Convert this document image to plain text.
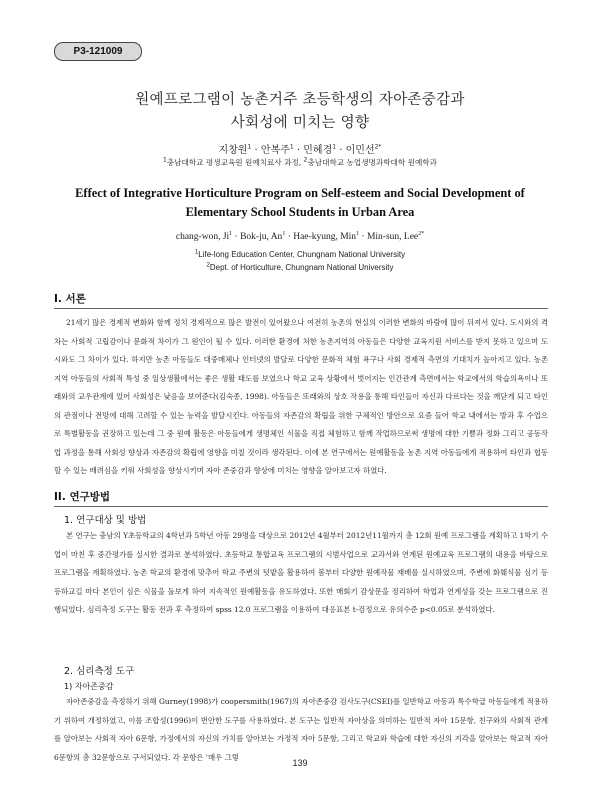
P3-121009
원예프로그램이 농촌거주 초등학생의 자아존중감과
사회성에 미치는 영향
지창원$^1$ · 안복주$^1$ · 민혜경$^1$ · 이민선$^{2*}$
$^1$충남대학교 평생교육원 원예치료사 과정, $^2$충남대학교 농업생명과학대학 원예학과
Effect of Integrative Horticulture Program on Self-esteem and Social Development of
Elementary School Students in Urban Area
chang-won, $Ji^1 \cdot Bok-ju$, $An^1$ · Hae-kyung, Min$^1$ · Min-sun, Lee$^{2*}$
$^1$Life-long Education Center, Chungnam National University
$^2$Dept. of Horticulture, Chungnam National University
I. 서론

21세기 많은 경제적 변화와 함께 정치 경제적으로 많은 발전이 있어왔으나 여전히 농촌의 현실의 이러한 변화의 바람에 많이 뒤져서 있다. 도시와의 격차는 사회적 고립감이나 문화적 차이가 그 원인이 될 수 있다. 이러한 환경에 처한 농촌지역의 아동들은 다양한 교육지원 서비스를 받지 못하고 있으며 도시와도 그 차이가 있다. 하지만 농촌 아동들도 대중매체나 인터넷의 발달로 다양한 문화적 체험 욕구나 사회 경제적 측면의 기대치가 높아지고 있다. 농촌지역 아동들의 사회적 특성 중 일상생활에서는 좋은 생활 태도를 보였으나 학교 교육 상황에서 벗어지는 인간관계 측면에서는 학교에서의 학습의욕이나 또래와의 교우관계에 있어 사회성은 낮음을 보여준다(김숙종, 1998). 아동들은 또래와의 상호 작용을 통해 타인들이 자신과 다르다는 것을 깨닫게 되고 타인의 관점이나 전망에 대해 고려할 수 있는 능력을 발달시킨다. 아동들의 자존감의 확립을 위한 구체적인 방안으로 요즘 들어 학교 내에서는 방과 후 수업으로 특별활동을 권장하고 있는데 그 중 원예 활동은 아동들에게 생명체인 식물을 직접 체험하고 함께 작업하므로써 생명에 대한 기쁨과 정화 그리고 공동작업 과정을 통해 사회성 향상과 자존감의 확립에 영향을 미칠 것이라 생각된다. 이에 본 연구에서는 원예활동을 농촌 지역 아동들에게 적용하여 타인과 협동할 수 있는 배려심을 키워 사회성을 향상시키며 자아 존중감과 향상에 미치는 영향을 알아보고자 하였다.

II. 연구방법
1. 연구대상 및 방법

본 연구는 충남의 Y초등학교의 4학년과 5학년 아동 29명을 대상으로 2012년 4월부터 2012년11월까지 총 12회 원예 프로그램을 계획하고 1학기 수업이 마친 후 중간평가를 실시한 결과로 분석하였다. 초등학교 통합교육 프로그램의 시범사업으로 교과서와 연계된 원예교육 프로그램의 내용을 바탕으로 프로그램을 계획하였다. 농촌 학교의 환경에 맞추어 학교 주변의 텃밭을 활용하여 봄부터 다양한 원예작물 재배를 실시하였으며, 주변에 화훼식물 심기 등 등하교길 마다 본인이 심은 식물을 돌보게 하여 지속적인 원예활동을 유도하였다. 또한 매회기 감상문을 정리하여 학업과 연계성을 갖는 프로그램으로 진행되었다. 심리측정 도구는 활동 전과 후 측정하여 spss 12.0 프로그램을 이용하여 대응표본 t-검정으로 유의수준 p<0.05로 분석하였다.

2. 심리측정 도구
1) 자아존중감

자아존중감을 측정하기 위해 Gurney(1998)가 coopersmith(1967)의 자아존중감 검사도구(CSEI)를 일반학교 아동과 특수학급 아동들에게 적용하기 위하여 개정하였고, 이를 조합성(1996)이 번안한 도구를 사용하였다. 본 도구는 일반적 자아상을 의미하는 일반적 자아 15문항, 친구와의 사회적 관계를 알아보는 사회적 자아 6문항, 가정에서의 자신의 가치를 알아보는 가정적 자아 5문항, 그리고 학교와 학습에 대한 자신의 지각을 알아보는 학교적 자아 6문항의 총 32문항으로 구서되었다. 각 문항은 '매우 그렇

139
